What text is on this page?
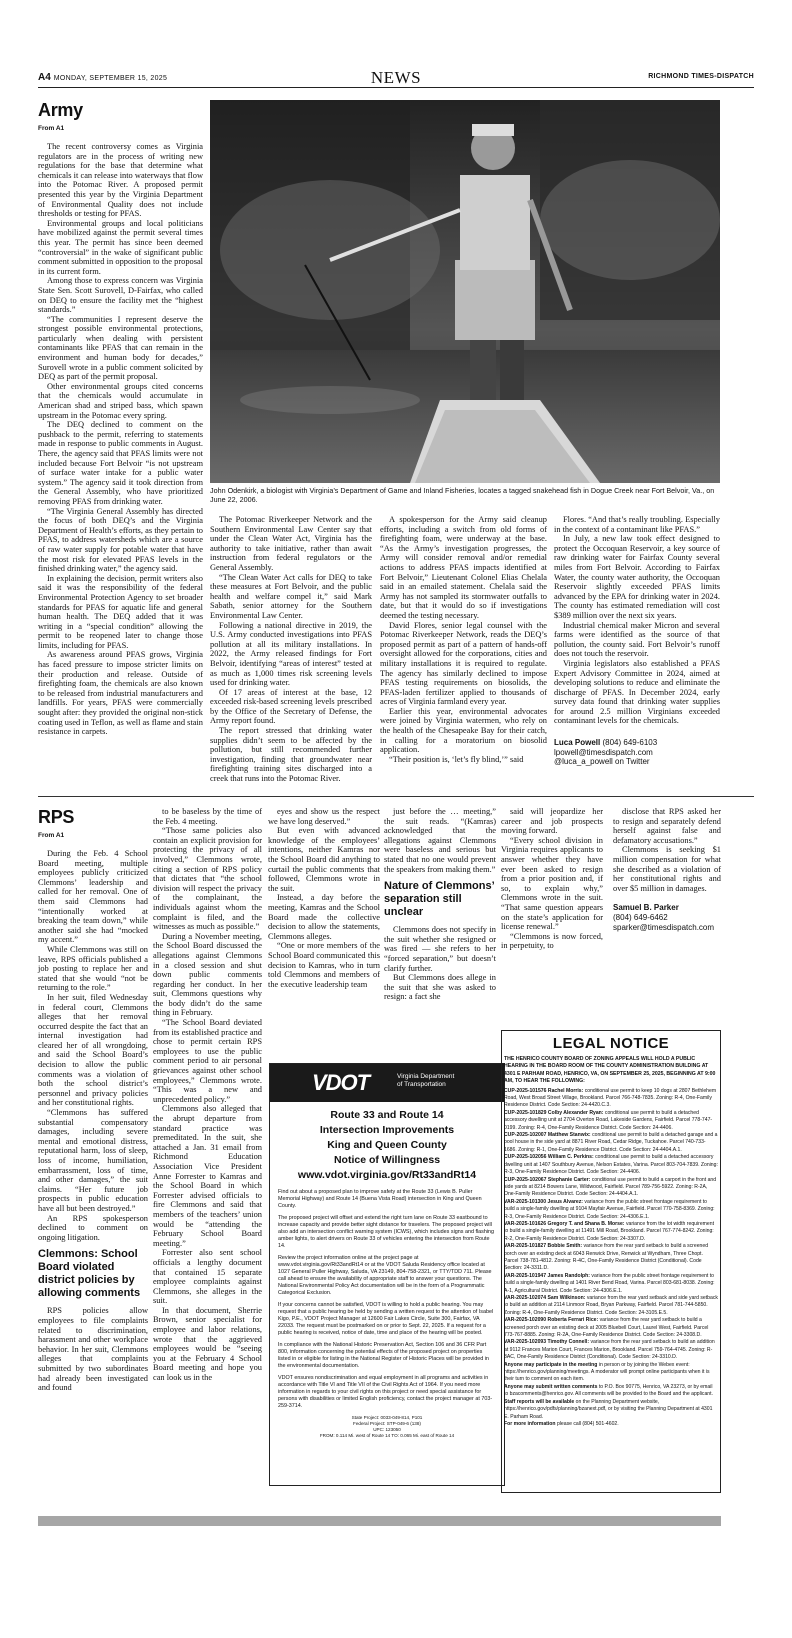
A4 MONDAY, SEPTEMBER 15, 2025	NEWS	RICHMOND TIMES-DISPATCH
Army
From A1

The recent controversy comes as Virginia regulators are in the process of writing new regulations for the base that determine what chemicals it can release into waterways that flow into the Potomac River. A proposed permit presented this year by the Virginia Department of Environmental Quality does not include thresholds or testing for PFAS.

Environmental groups and local politicians have mobilized against the permit several times this year. The permit has since been deemed “controversial” in the wake of significant public comment submitted in opposition to the proposal in its current form.

Among those to express concern was Virginia State Sen. Scott Surovell, D-Fairfax, who called on DEQ to ensure the facility met the “highest standards.”

“The communities I represent deserve the strongest possible environmental protections, particularly when dealing with persistent contaminants like PFAS that can remain in the environment and human body for decades,” Surovell wrote in a public comment solicited by DEQ as part of the permit proposal.

Other environmental groups cited concerns that the chemicals would accumulate in American shad and striped bass, which spawn upstream in the Potomac every spring.

The DEQ declined to comment on the pushback to the permit, referring to statements made in response to public comments in August. There, the agency said that PFAS limits were not included because Fort Belvoir “is not upstream of surface water intake for a public water system.” The agency said it took direction from the General Assembly, who have prioritized removing PFAS from drinking water.

“The Virginia General Assembly has directed the focus of both DEQ’s and the Virginia Department of Health’s efforts, as they pertain to PFAS, to address watersheds which are a source of raw water supply for potable water that have the most risk for elevated PFAS levels in the finished drinking water,” the agency said.

In explaining the decision, permit writers also said it was the responsibility of the federal Environmental Protection Agency to set broader standards for PFAS for aquatic life and general human health. The DEQ added that it was writing in a “special condition” allowing the permit to be reopened later to change those limits, including for PFAS.

As awareness around PFAS grows, Virginia has faced pressure to impose stricter limits on their production and release. Outside of firefighting foam, the chemicals are also known to be released from industrial manufacturers and landfills. For years, PFAS were commercially sought after: they provided the original non-stick coating used in Teflon, as well as flame and stain resistance in carpets.

John Odenkirk, a biologist with Virginia’s Department of Game and Inland Fisheries, locates a tagged snakehead fish in Dogue Creek near Fort Belvoir, Va., on June 22, 2006.

The Potomac Riverkeeper Network and the Southern Environmental Law Center say that under the Clean Water Act, Virginia has the authority to take initiative, rather than await instruction from federal regulators or the General Assembly.

“The Clean Water Act calls for DEQ to take these measures at Fort Belvoir, and the public health and welfare compel it,” said Mark Sabath, senior attorney for the Southern Environmental Law Center.

Following a national directive in 2019, the U.S. Army conducted investigations into PFAS pollution at all its military installations. In 2022, the Army released findings for Fort Belvoir, identifying “areas of interest” tested at as much as 1,000 times risk screening levels used for drinking water.

Of 17 areas of interest at the base, 12 exceeded risk-based screening levels prescribed by the Office of the Secretary of Defense, the Army report found.

The report stressed that drinking water supplies didn’t seem to be affected by the pollution, but still recommended further investigation, finding that groundwater near firefighting training sites discharged into a creek that runs into the Potomac River.

A spokesperson for the Army said cleanup efforts, including a switch from old forms of firefighting foam, were underway at the base. “As the Army’s investigation progresses, the Army will consider removal and/or remedial actions to address PFAS impacts identified at Fort Belvoir,” Lieutenant Colonel Elias Chelala said in an emailed statement. Chelala said the Army has not sampled its stormwater outfalls to date, but that it would do so if investigations deemed the testing necessary.

David Flores, senior legal counsel with the Potomac Riverkeeper Network, reads the DEQ’s proposed permit as part of a pattern of hands-off oversight allowed for the corporations, cities and military installations it is required to regulate. The agency has similarly declined to impose PFAS testing requirements on biosolids, the PFAS-laden fertilizer applied to thousands of acres of Virginia farmland every year.

Earlier this year, environmental advocates were joined by Virginia watermen, who rely on the health of the Chesapeake Bay for their catch, in calling for a moratorium on biosolid application.

“Their position is, ‘let’s fly blind,’” said

Flores. “And that’s really troubling. Especially in the context of a contaminant like PFAS.”

In July, a new law took effect designed to protect the Occoquan Reservoir, a key source of raw drinking water for Fairfax County several miles from Fort Belvoir. According to Fairfax Water, the county water authority, the Occoquan Reservoir slightly exceeded PFAS limits advanced by the EPA for drinking water in 2024. The county has estimated remediation will cost $389 million over the next six years.

Industrial chemical maker Micron and several farms were identified as the source of that pollution, the county said. Fort Belvoir’s runoff does not touch the reservoir.

Virginia legislators also established a PFAS Expert Advisory Committee in 2024, aimed at developing solutions to reduce and eliminate the discharge of PFAS. In December 2024, early survey data found that drinking water supplies for around 2.5 million Virginians exceeded contaminant levels for the chemicals.

Luca Powell (804) 649-6103
lpowell@timesdispatch.com
@luca_a_powell on Twitter
RPS
From A1

During the Feb. 4 School Board meeting, multiple employees publicly criticized Clemmons’ leadership and called for her removal. One of them said Clemmons had “intentionally worked at breaking the team down,” while another said she had “mocked my accent.”

While Clemmons was still on leave, RPS officials published a job posting to replace her and stated that she would “not be returning to the role.”

In her suit, filed Wednesday in federal court, Clemmons alleges that her removal occurred despite the fact that an internal investigation had cleared her of all wrongdoing, and said the School Board’s decision to allow the public comments was a violation of both the school district’s personnel and privacy policies and her constitutional rights.

“Clemmons has suffered substantial compensatory damages, including severe mental and emotional distress, reputational harm, loss of sleep, loss of income, humiliation, embarrassment, loss of time, and other damages,” the suit claims. “Her future job prospects in public education have all but been destroyed.”

An RPS spokesperson declined to comment on ongoing litigation.

Clemmons: School Board violated district policies by allowing comments

RPS policies allow employees to file complaints related to discrimination, harassment and other workplace behavior. In her suit, Clemmons alleges that complaints submitted by two subordinates had already been investigated and found

to be baseless by the time of the Feb. 4 meeting.

“Those same policies also contain an explicit provision for protecting the privacy of all involved,” Clemmons wrote, citing a section of RPS policy that dictates that “the school division will respect the privacy of the complainant, the individuals against whom the complaint is filed, and the witnesses as much as possible.”

During a November meeting, the School Board discussed the allegations against Clemmons in a closed session and shut down public comments regarding her conduct. In her suit, Clemmons questions why the body didn’t do the same thing in February.

“The School Board deviated from its established practice and chose to permit certain RPS employees to use the public comment period to air personal grievances against other school employees,” Clemmons wrote. “This was a new and unprecedented policy.”

Clemmons also alleged that the abrupt departure from standard practice was premeditated. In the suit, she attached a Jan. 31 email from Richmond Education Association Vice President Anne Forrester to Kamras and the School Board in which Forrester advised officials to fire Clemmons and said that members of the teachers’ union would be “attending the February School Board meeting.”

Forrester also sent school officials a lengthy document that contained 15 separate employee complaints against Clemmons, she alleges in the suit.

In that document, Sherrie Brown, senior specialist for employee and labor relations, wrote that the aggrieved employees would be “seeing you at the February 4 School Board meeting and hope you can look us in the

eyes and show us the respect we have long deserved.”

But even with advanced knowledge of the employees’ intentions, neither Kamras nor the School Board did anything to curtail the public comments that followed, Clemmons wrote in the suit.

Instead, a day before the meeting, Kamras and the School Board made the collective decision to allow the statements, Clemmons alleges.

“One or more members of the School Board communicated this decision to Kamras, who in turn told Clemmons and members of the executive leadership team

just before the … meeting,” the suit reads. “(Kamras) acknowledged that the allegations against Clemmons were baseless and serious but stated that no one would prevent the speakers from making them.”

Nature of Clemmons’ separation still unclear

Clemmons does not specify in the suit whether she resigned or was fired — she refers to her “forced separation,” but doesn’t clarify further.

But Clemmons does allege in the suit that she was asked to resign: a fact she

said will jeopardize her career and job prospects moving forward.

“Every school division in Virginia requires applicants to answer whether they have ever been asked to resign from a prior position and, if so, to explain why,” Clemmons wrote in the suit. “That same question appears on the state’s application for license renewal.”

“Clemmons is now forced, in perpetuity, to

disclose that RPS asked her to resign and separately defend herself against false and defamatory accusations.”

Clemmons is seeking $1 million compensation for what she described as a violation of her constitutional rights and over $5 million in damages.

Samuel B. Parker
(804) 649-6462
sparker@timesdispatch.com
VDOT	Virginia Department
of Transportation
Route 33 and Route 14
Intersection Improvements
King and Queen County
Notice of Willingness
www.vdot.virginia.gov/Rt33andRt14

Find out about a proposed plan to improve safety at the Route 33 (Lewis B. Puller Memorial Highway) and Route 14 (Buena Vista Road) intersection in King and Queen County.

The proposed project will offset and extend the right turn lane on Route 33 eastbound to increase capacity and provide better sight distance for travelers. The proposed project will also add an intersection conflict warning system (ICWS), which includes signs and flashing amber lights, to alert drivers on Route 33 of vehicles entering the intersection from Route 14.

Review the project information online at the project page at www.vdot.virginia.gov/Rt33andRt14 or at the VDOT Saluda Residency office located at 1027 General Puller Highway, Saluda, VA 23149, 804-758-2321, or TTY/TDD 711. Please call ahead to ensure the availability of appropriate staff to answer your questions. The National Environmental Policy Act documentation will be in the form of a Programmatic Categorical Exclusion.

If your concerns cannot be satisfied, VDOT is willing to hold a public hearing. You may request that a public hearing be held by sending a written request to the attention of Isabel Kigo, P.E., VDOT Project Manager at 12600 Fair Lakes Circle, Suite 300, Fairfax, VA 22033. The request must be postmarked on or prior to Sept. 22, 2025. If a request for a public hearing is received, notice of date, time and place of the hearing will be posted.

In compliance with the National Historic Preservation Act, Section 106 and 36 CFR Part 800, information concerning the potential effects of the proposed project on properties listed in or eligible for listing in the National Register of Historic Places will be provided in the environmental documentation.

VDOT ensures nondiscrimination and equal employment in all programs and activities in accordance with Title VI and Title VII of the Civil Rights Act of 1964. If you need more information in regards to your civil rights on this project or need special assistance for persons with disabilities or limited English proficiency, contact the project manager at 703-259-3714.

State Project: 0033-049-814, P101
Federal Project: STP-049-6 (138)
UPC: 123050
FROM: 0.114 Mi. west of Route 14 TO: 0.065 Mi. east of Route 14
LEGAL NOTICE
THE HENRICO COUNTY BOARD OF ZONING APPEALS WILL HOLD A PUBLIC HEARING IN THE BOARD ROOM OF THE COUNTY ADMINISTRATION BUILDING AT 4301 E PARHAM ROAD, HENRICO, VA, ON SEPTEMBER 25, 2025, BEGINNING AT 9:00 AM, TO HEAR THE FOLLOWING:
CUP-2025-101576 Rachel Morris: conditional use permit to keep 10 dogs at 2807 Bethlehem Road, West Broad Street Village, Brookland. Parcel 766-748-7835. Zoning: R-4, One-Family Residence District. Code Section: 24-4420.C.3.
CUP-2025-101829 Colby Alexander Ryan: conditional use permit to build a detached accessory dwelling unit at 2704 Overton Road, Lakeside Gardens, Fairfield. Parcel 778-747-0199. Zoning: R-4, One-Family Residence District. Code Section: 24-4406.
CUP-2025-102007 Matthew Stanwix: conditional use permit to build a detached garage and a pool house in the side yard at 8871 River Road, Cedar Ridge, Tuckahoe. Parcel 740-733-1686. Zoning: R-1, One-Family Residence District. Code Section: 24-4404.A.1.
CUP-2025-102056 William C. Perkins: conditional use permit to build a detached accessory dwelling unit at 1407 Southbury Avenue, Nelson Estates, Varina. Parcel 803-704-7839. Zoning: R-3, One-Family Residence District. Code Section: 24-4406.
CUP-2025-102067 Stephanie Carter: conditional use permit to build a carport in the front and side yards at 8214 Bowers Lane, Wildwood, Fairfield. Parcel 789-756-5922. Zoning: R-2A, One-Family Residence District. Code Section: 24-4404.A.1.
VAR-2025-101300 Jesus Alvarez: variance from the public street frontage requirement to build a single-family dwelling at 9104 Mayfair Avenue, Fairfield. Parcel 770-758-8369. Zoning: R-3, One-Family Residence District. Code Section: 24-4306.E.1.
VAR-2025-101626 Gregory T. and Shana B. Morse: variance from the lot width requirement to build a single-family dwelling at 11491 Mill Road, Brookland. Parcel 767-774-8242. Zoning: R-2, One-Family Residence District. Code Section: 24-3307.D.
VAR-2025-101827 Bobbie Smith: variance from the rear yard setback to build a screened porch over an existing deck at 6043 Renwick Drive, Renwick at Wyndham, Three Chopt. Parcel 738-781-4812. Zoning: R-4C, One-Family Residence District (Conditional). Code Section: 24-3311.D.
VAR-2025-101947 James Randolph: variance from the public street frontage requirement to build a single-family dwelling at 1401 River Bend Road, Varina. Parcel 803-681-8038. Zoning: A-1, Agricultural District. Code Section: 24-4306.E.1.
VAR-2025-102074 Sam Wilkinson: variance from the rear yard setback and side yard setback to build an addition at 2114 Linmoor Road, Bryan Parkway, Fairfield. Parcel 781-744-5850. Zoning: R-4, One-Family Residence District. Code Section: 24-3105.E.5.
VAR-2025-102090 Roberta Ferrari Rice: variance from the rear yard setback to build a screened porch over an existing deck at 2005 Bluebell Court, Laurel West, Fairfield. Parcel 773-767-8885. Zoning: R-2A, One-Family Residence District. Code Section: 24-3308.D.
VAR-2025-102093 Timothy Connell: variance from the rear yard setback to build an addition at 9112 Frances Marion Court, Frances Marion, Brookland. Parcel 759-764-4745. Zoning: R-3AC, One-Family Residence District (Conditional). Code Section: 24-3310.D.
Anyone may participate in the meeting in person or by joining the Webex event: https://henrico.gov/planning/meetings. A moderator will prompt online participants when it is their turn to comment on each item.
Anyone may submit written comments to P.O. Box 90775, Henrico, VA 23273, or by email to bzacomments@henrico.gov. All comments will be provided to the Board and the applicant.
Staff reports will be available on the Planning Department website, https://henrico.gov/pdfs/planning/bzanext.pdf, or by visiting the Planning Department at 4301 E. Parham Road.
For more information please call (804) 501-4602.
